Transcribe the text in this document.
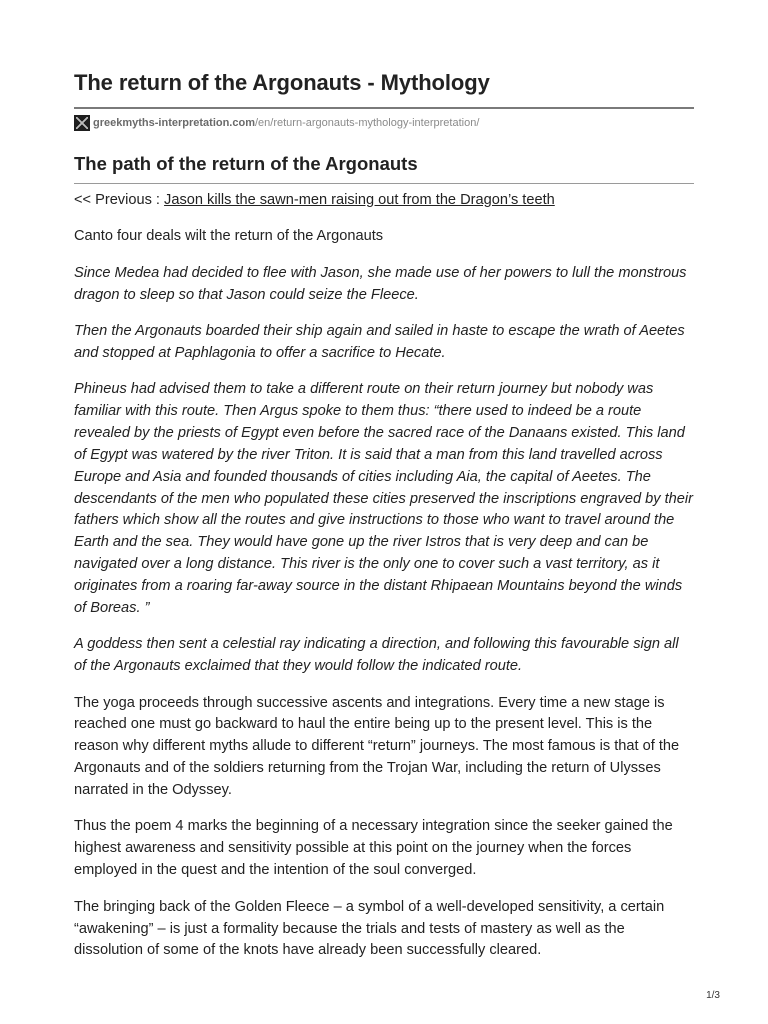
The return of the Argonauts - Mythology
greekmyths-interpretation.com /en/return-argonauts-mythology-interpretation/
The path of the return of the Argonauts

<< Previous : Jason kills the sawn-men raising out from the Dragon’s teeth

Canto four deals wilt the return of the Argonauts

Since Medea had decided to flee with Jason, she made use of her powers to lull the monstrous dragon to sleep so that Jason could seize the Fleece.

Then the Argonauts boarded their ship again and sailed in haste to escape the wrath of Aeetes and stopped at Paphlagonia to offer a sacrifice to Hecate.

Phineus had advised them to take a different route on their return journey but nobody was familiar with this route. Then Argus spoke to them thus: “there used to indeed be a route revealed by the priests of Egypt even before the sacred race of the Danaans existed. This land of Egypt was watered by the river Triton. It is said that a man from this land travelled across Europe and Asia and founded thousands of cities including Aia, the capital of Aeetes. The descendants of the men who populated these cities preserved the inscriptions engraved by their fathers which show all the routes and give instructions to those who want to travel around the Earth and the sea. They would have gone up the river Istros that is very deep and can be navigated over a long distance. This river is the only one to cover such a vast territory, as it originates from a roaring far-away source in the distant Rhipaean Mountains beyond the winds of Boreas. ”

A goddess then sent a celestial ray indicating a direction, and following this favourable sign all of the Argonauts exclaimed that they would follow the indicated route.

The yoga proceeds through successive ascents and integrations. Every time a new stage is reached one must go backward to haul the entire being up to the present level. This is the reason why different myths allude to different “return” journeys. The most famous is that of the Argonauts and of the soldiers returning from the Trojan War, including the return of Ulysses narrated in the Odyssey.

Thus the poem 4 marks the beginning of a necessary integration since the seeker gained the highest awareness and sensitivity possible at this point on the journey when the forces employed in the quest and the intention of the soul converged.

The bringing back of the Golden Fleece – a symbol of a well-developed sensitivity, a certain “awakening” – is just a formality because the trials and tests of mastery as well as the dissolution of some of the knots have already been successfully cleared.

1/3
